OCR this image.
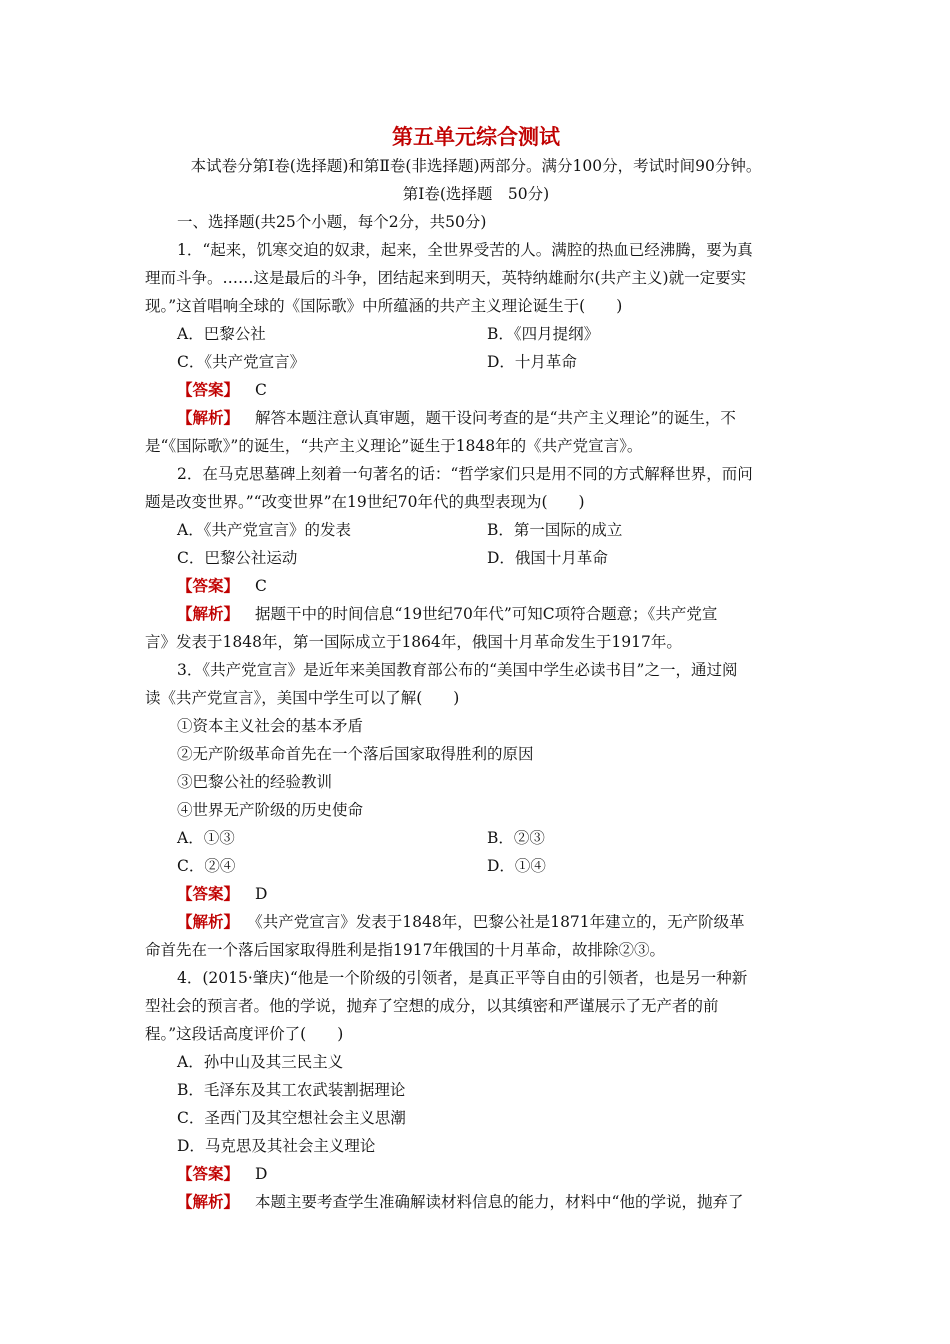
第五单元综合测试

本试卷分第Ⅰ卷(选择题)和第Ⅱ卷(非选择题)两部分。满分100分，考试时间90分钟。

第Ⅰ卷(选择题　50分)

一、选择题(共25个小题，每个2分，共50分)

1．“起来，饥寒交迫的奴隶，起来，全世界受苦的人。满腔的热血已经沸腾，要为真

理而斗争。……这是最后的斗争，团结起来到明天，英特纳雄耐尔(共产主义)就一定要实

现。”这首唱响全球的《国际歌》中所蕴涵的共产主义理论诞生于(　　)

A．巴黎公社	B．《四月提纲》
C．《共产党宣言》	D．十月革命

【答案】 C

【解析】 解答本题注意认真审题，题干设问考查的是“共产主义理论”的诞生，不

是“《国际歌》”的诞生，“共产主义理论”诞生于1848年的《共产党宣言》。

2．在马克思墓碑上刻着一句著名的话：“哲学家们只是用不同的方式解释世界，而问

题是改变世界。”“改变世界”在19世纪70年代的典型表现为(　　)

A．《共产党宣言》的发表	B．第一国际的成立
C．巴黎公社运动	D．俄国十月革命

【答案】 C

【解析】 据题干中的时间信息“19世纪70年代”可知C项符合题意；《共产党宣

言》发表于1848年，第一国际成立于1864年，俄国十月革命发生于1917年。

3．《共产党宣言》是近年来美国教育部公布的“美国中学生必读书目”之一，通过阅

读《共产党宣言》，美国中学生可以了解(　　)

①资本主义社会的基本矛盾

②无产阶级革命首先在一个落后国家取得胜利的原因

③巴黎公社的经验教训

④世界无产阶级的历史使命

A．①③	B．②③
C．②④	D．①④

【答案】 D

【解析】 《共产党宣言》发表于1848年，巴黎公社是1871年建立的，无产阶级革

命首先在一个落后国家取得胜利是指1917年俄国的十月革命，故排除②③。

4．(2015·肇庆)“他是一个阶级的引领者，是真正平等自由的引领者，也是另一种新

型社会的预言者。他的学说，抛弃了空想的成分，以其缜密和严谨展示了无产者的前

程。”这段话高度评价了(　　)

A．孙中山及其三民主义

B．毛泽东及其工农武装割据理论

C．圣西门及其空想社会主义思潮

D．马克思及其社会主义理论

【答案】 D

【解析】 本题主要考查学生准确解读材料信息的能力，材料中“他的学说，抛弃了
